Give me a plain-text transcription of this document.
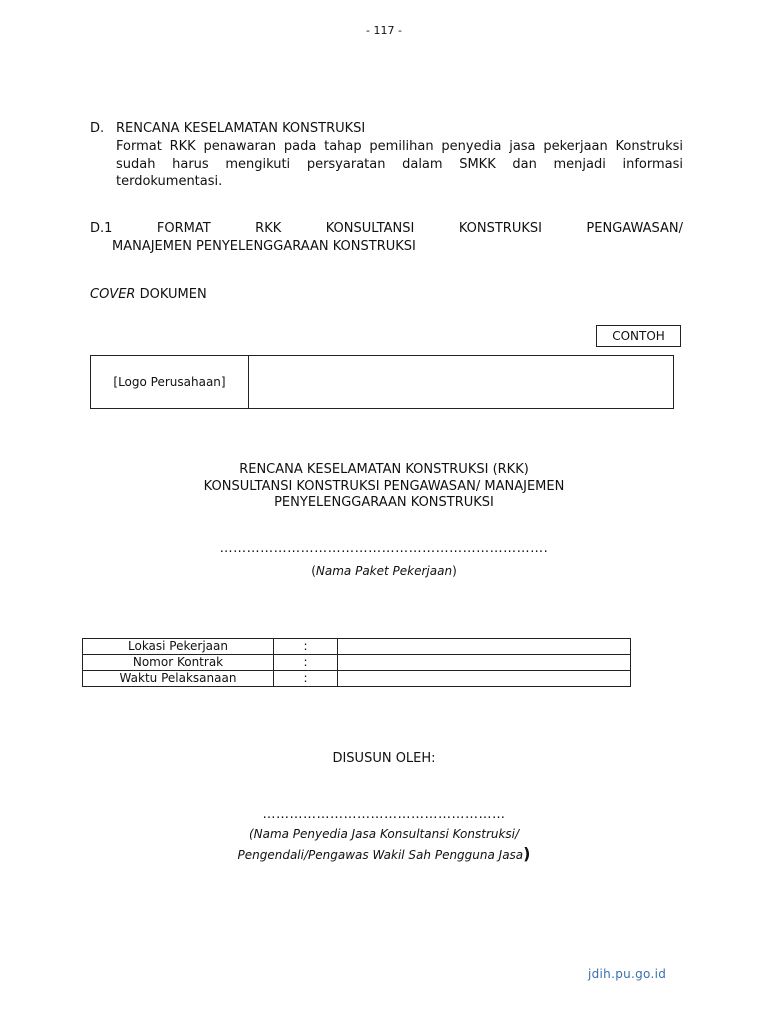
- 117 -
D. RENCANA KESELAMATAN KONSTRUKSI
Format RKK penawaran pada tahap pemilihan penyedia jasa pekerjaan Konstruksi sudah harus mengikuti persyaratan dalam SMKK dan menjadi informasi terdokumentasi.
D.1	FORMAT	RKK	KONSULTANSI	KONSTRUKSI	PENGAWASAN/
MANAJEMEN PENYELENGGARAAN KONSTRUKSI
COVER DOKUMEN
CONTOH
[Logo Perusahaan]
RENCANA KESELAMATAN KONSTRUKSI (RKK)
KONSULTANSI KONSTRUKSI PENGAWASAN/ MANAJEMEN
PENYELENGGARAAN KONSTRUKSI
……………………………………………………………….
(Nama Paket Pekerjaan)
Lokasi Pekerjaan	:	
Nomor Kontrak	:	
Waktu Pelaksanaan	:	
DISUSUN OLEH:
………………………………………………
(Nama Penyedia Jasa Konsultansi Konstruksi/
Pengendali/Pengawas Wakil Sah Pengguna Jasa)
jdih.pu.go.id
